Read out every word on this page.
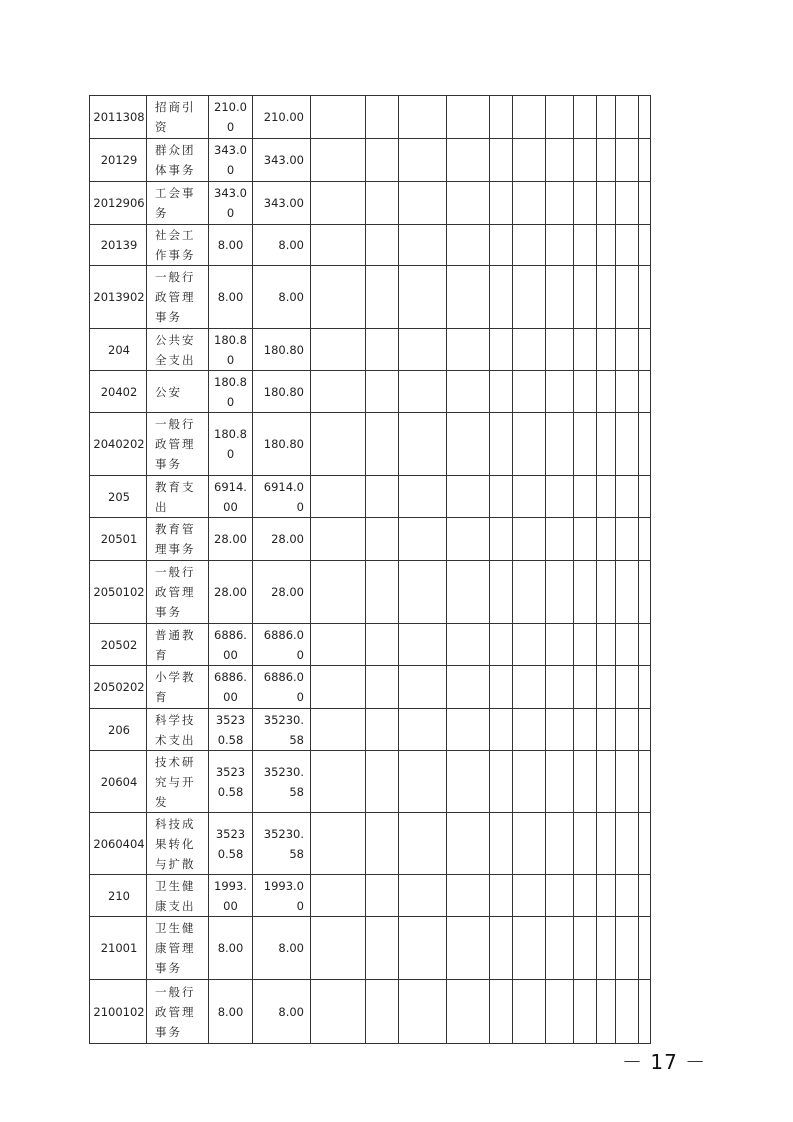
2011308	招商引资	210.00	210.00											
20129	群众团体事务	343.00	343.00											
2012906	工会事务	343.00	343.00											
20139	社会工作事务	8.00	8.00											
2013902	一般行政管理事务	8.00	8.00											
204	公共安全支出	180.80	180.80											
20402	公安	180.80	180.80											
2040202	一般行政管理事务	180.80	180.80											
205	教育支出	6914.00	6914.00											
20501	教育管理事务	28.00	28.00											
2050102	一般行政管理事务	28.00	28.00											
20502	普通教育	6886.00	6886.00											
2050202	小学教育	6886.00	6886.00											
206	科学技术支出	35230.58	35230.58											
20604	技术研究与开发	35230.58	35230.58											
2060404	科技成果转化与扩散	35230.58	35230.58											
210	卫生健康支出	1993.00	1993.00											
21001	卫生健康管理事务	8.00	8.00											
2100102	一般行政管理事务	8.00	8.00											
－ 17 －
